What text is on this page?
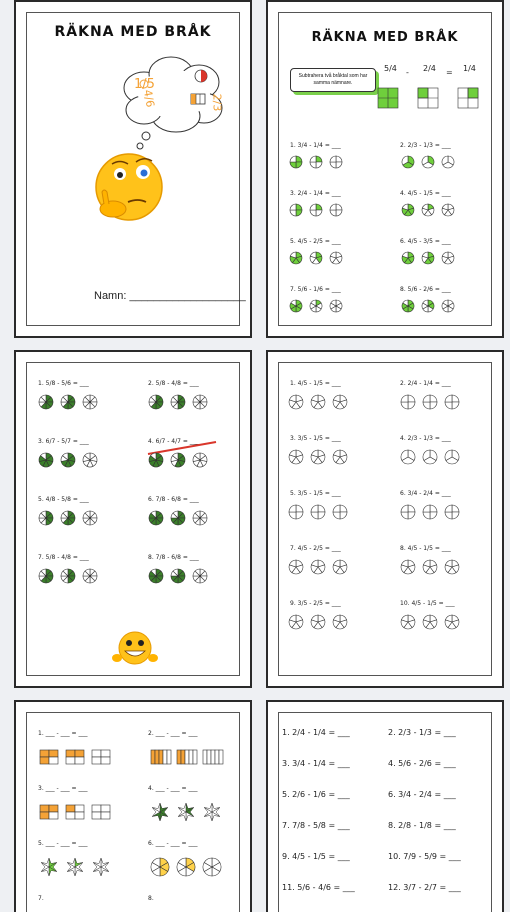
RÄKNA MED BRÅK
1/5
4/6	2/3
Namn: ___________________
RÄKNA MED BRÅK
Subtrahera två bråktal som har
samma nämnare.
5/4 - 2/4 = 1/4
1. 3/4 - 1/4 = ___	2. 2/3 - 1/3 = ___
3. 2/4 - 1/4 = ___	4. 4/5 - 1/5 = ___
5. 4/5 - 2/5 = ___	6. 4/5 - 3/5 = ___
7. 5/6 - 1/6 = ___	8. 5/6 - 2/6 = ___
1. 5/8 - 5/6 = ___	2. 5/8 - 4/8 = ___
3. 6/7 - 5/7 = ___	4. 6/7 - 4/7 = ___
5. 4/8 - 5/8 = ___	6. 7/8 - 6/8 = ___
7. 5/8 - 4/8 = ___	8. 7/8 - 6/8 = ___
1. 4/5 - 1/5 = ___	2. 2/4 - 1/4 = ___
3. 3/5 - 1/5 = ___	4. 2/3 - 1/3 = ___
5. 3/5 - 1/5 = ___	6. 3/4 - 2/4 = ___
7. 4/5 - 2/5 = ___	8. 4/5 - 1/5 = ___
9. 3/5 - 2/5 = ___	10. 4/5 - 1/5 = ___
1. ___ - ___ = ___	2. ___ - ___ = ___
3. ___ - ___ = ___	4. ___ - ___ = ___
5. ___ - ___ = ___	6. ___ - ___ = ___
7.	8.
1. 2/4 - 1/4 = ___	2. 2/3 - 1/3 = ___
3. 3/4 - 1/4 = ___	4. 5/6 - 2/6 = ___
5. 2/6 - 1/6 = ___	6. 3/4 - 2/4 = ___
7. 7/8 - 5/8 = ___	8. 2/8 - 1/8 = ___
9. 4/5 - 1/5 = ___	10. 7/9 - 5/9 = ___
11. 5/6 - 4/6 = ___	12. 3/7 - 2/7 = ___
